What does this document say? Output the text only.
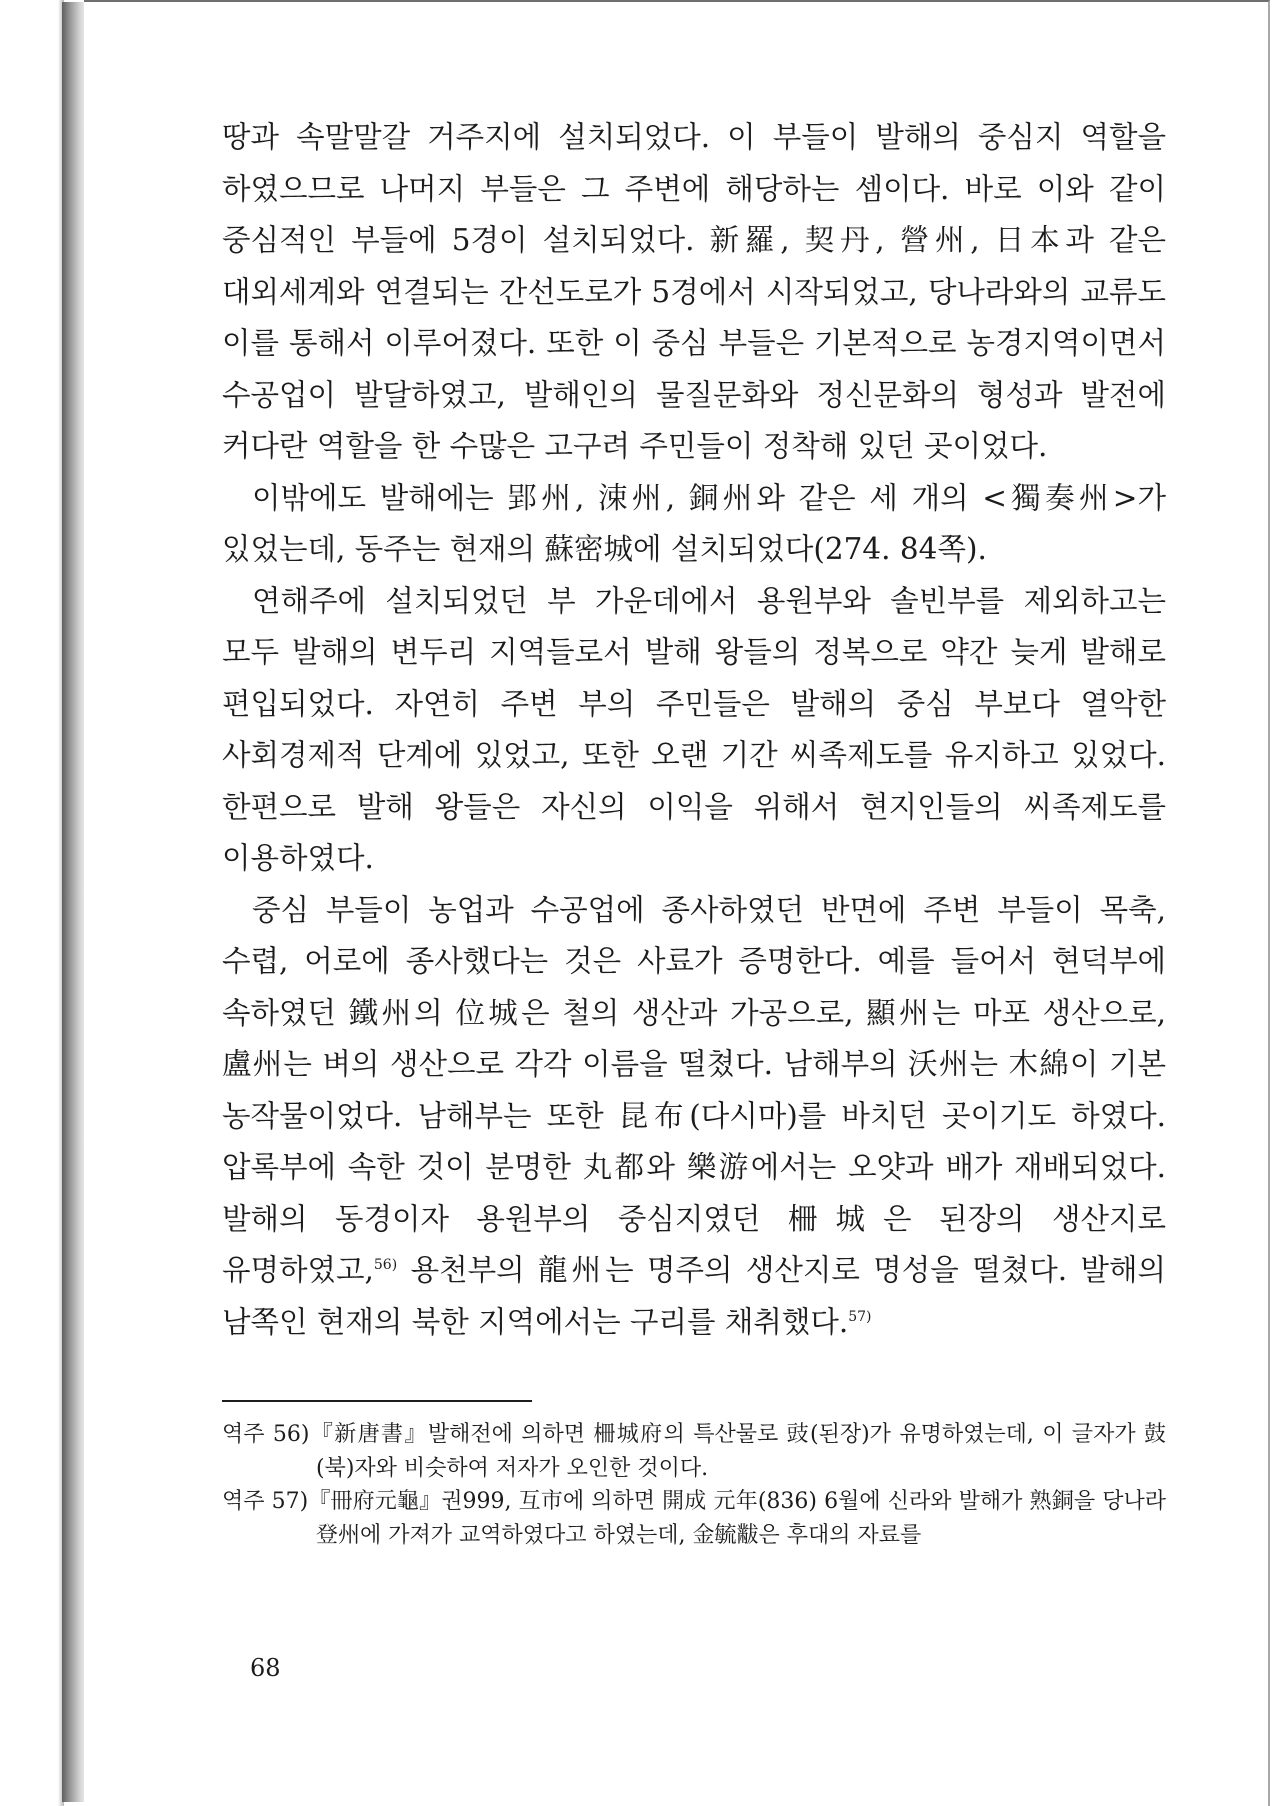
땅과 속말말갈 거주지에 설치되었다. 이 부들이 발해의 중심지 역할을 하였으므로 나머지 부들은 그 주변에 해당하는 셈이다. 바로 이와 같이 중심적인 부들에 5경이 설치되었다. 新羅, 契丹, 營州, 日本과 같은 대외세계와 연결되는 간선도로가 5경에서 시작되었고, 당나라와의 교류도 이를 통해서 이루어졌다. 또한 이 중심 부들은 기본적으로 농경지역이면서 수공업이 발달하였고, 발해인의 물질문화와 정신문화의 형성과 발전에 커다란 역할을 한 수많은 고구려 주민들이 정착해 있던 곳이었다.

이밖에도 발해에는 郢州, 涑州, 銅州와 같은 세 개의 <獨奏州>가 있었는데, 동주는 현재의 蘇密城에 설치되었다(274. 84쪽).

연해주에 설치되었던 부 가운데에서 용원부와 솔빈부를 제외하고는 모두 발해의 변두리 지역들로서 발해 왕들의 정복으로 약간 늦게 발해로 편입되었다. 자연히 주변 부의 주민들은 발해의 중심 부보다 열악한 사회경제적 단계에 있었고, 또한 오랜 기간 씨족제도를 유지하고 있었다. 한편으로 발해 왕들은 자신의 이익을 위해서 현지인들의 씨족제도를 이용하였다.

중심 부들이 농업과 수공업에 종사하였던 반면에 주변 부들이 목축, 수렵, 어로에 종사했다는 것은 사료가 증명한다. 예를 들어서 현덕부에 속하였던 鐵州의 位城은 철의 생산과 가공으로, 顯州는 마포 생산으로, 盧州는 벼의 생산으로 각각 이름을 떨쳤다. 남해부의 沃州는 木綿이 기본 농작물이었다. 남해부는 또한 昆布(다시마)를 바치던 곳이기도 하였다. 압록부에 속한 것이 분명한 丸都와 樂游에서는 오얏과 배가 재배되었다. 발해의 동경이자 용원부의 중심지였던 柵城은 된장의 생산지로 유명하였고,$^{56)}$ 용천부의 龍州는 명주의 생산지로 명성을 떨쳤다. 발해의 남쪽인 현재의 북한 지역에서는 구리를 채취했다.$^{57)}$

역주 56)『新唐書』발해전에 의하면 柵城府의 특산물로 豉(된장)가 유명하였는데, 이 글자가 鼓(북)자와 비슷하여 저자가 오인한 것이다.

역주 57)『冊府元龜』권999, 互市에 의하면 開成 元年(836) 6월에 신라와 발해가 熟銅을 당나라 登州에 가져가 교역하였다고 하였는데, 金毓黻은 후대의 자료를

68
